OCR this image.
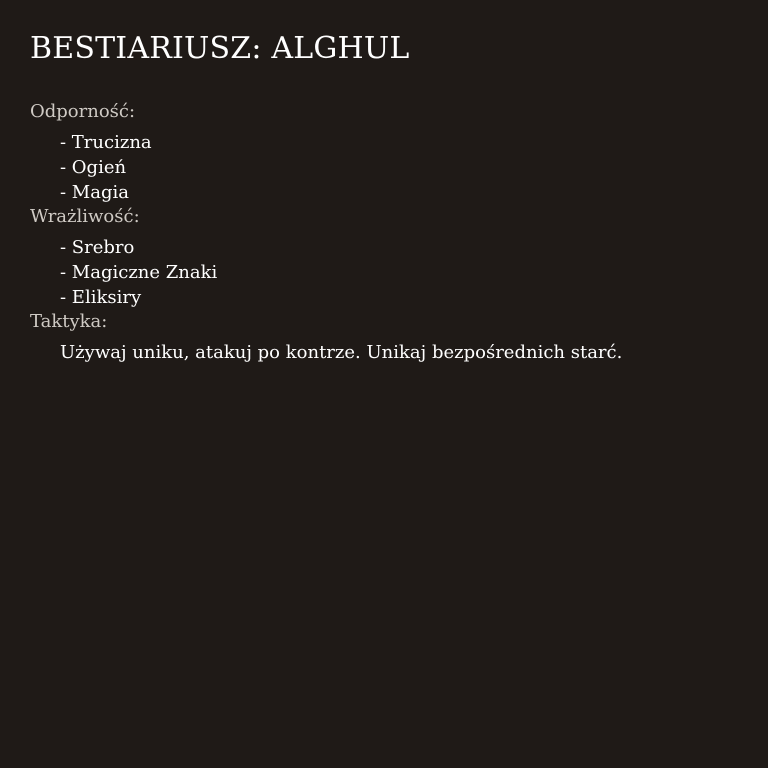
BESTIARIUSZ: ALGHUL
Odporność:
- Trucizna
- Ogień
- Magia
Wrażliwość:
- Srebro
- Magiczne Znaki
- Eliksiry
Taktyka:
Używaj uniku, atakuj po kontrze. Unikaj bezpośrednich starć.
